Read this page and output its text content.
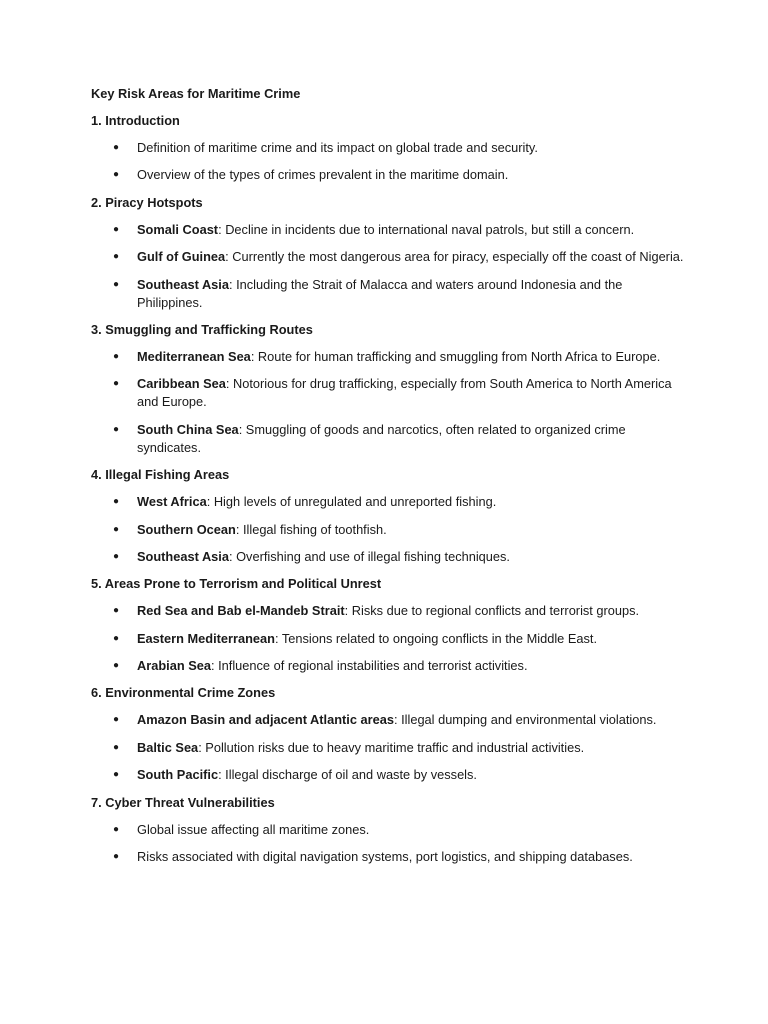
Key Risk Areas for Maritime Crime
1. Introduction
● Definition of maritime crime and its impact on global trade and security.
● Overview of the types of crimes prevalent in the maritime domain.
2. Piracy Hotspots
● Somali Coast: Decline in incidents due to international naval patrols, but still a concern.
● Gulf of Guinea: Currently the most dangerous area for piracy, especially off the coast of Nigeria.
● Southeast Asia: Including the Strait of Malacca and waters around Indonesia and the Philippines.
3. Smuggling and Trafficking Routes
● Mediterranean Sea: Route for human trafficking and smuggling from North Africa to Europe.
● Caribbean Sea: Notorious for drug trafficking, especially from South America to North America and Europe.
● South China Sea: Smuggling of goods and narcotics, often related to organized crime syndicates.
4. Illegal Fishing Areas
● West Africa: High levels of unregulated and unreported fishing.
● Southern Ocean: Illegal fishing of toothfish.
● Southeast Asia: Overfishing and use of illegal fishing techniques.
5. Areas Prone to Terrorism and Political Unrest
● Red Sea and Bab el-Mandeb Strait: Risks due to regional conflicts and terrorist groups.
● Eastern Mediterranean: Tensions related to ongoing conflicts in the Middle East.
● Arabian Sea: Influence of regional instabilities and terrorist activities.
6. Environmental Crime Zones
● Amazon Basin and adjacent Atlantic areas: Illegal dumping and environmental violations.
● Baltic Sea: Pollution risks due to heavy maritime traffic and industrial activities.
● South Pacific: Illegal discharge of oil and waste by vessels.
7. Cyber Threat Vulnerabilities
● Global issue affecting all maritime zones.
● Risks associated with digital navigation systems, port logistics, and shipping databases.
